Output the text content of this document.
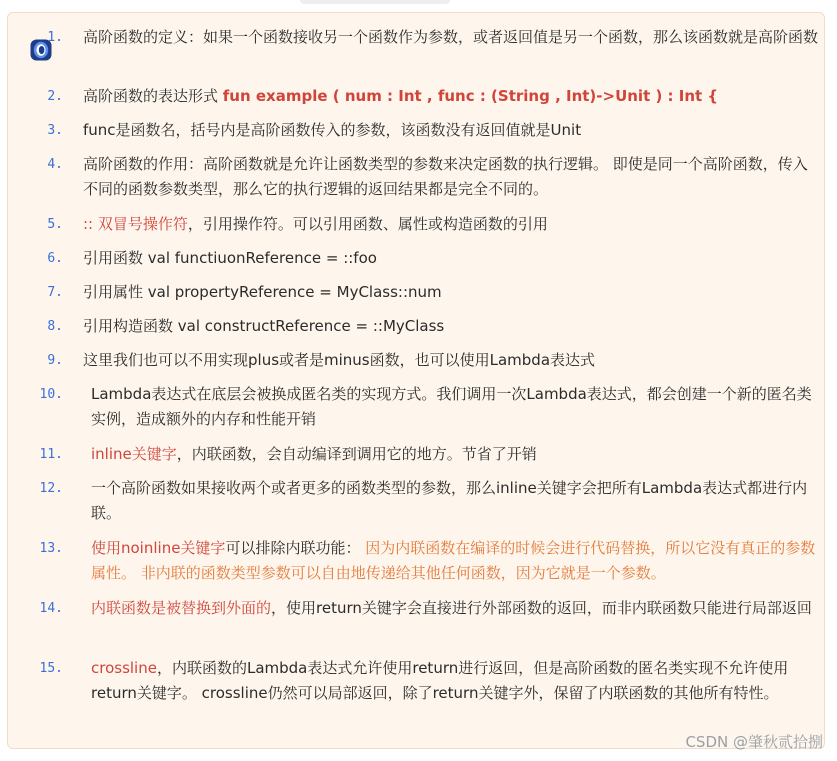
1. 高阶函数的定义：如果一个函数接收另一个函数作为参数，或者返回值是另一个函数，那么该函数就是高阶函数
2. 高阶函数的表达形式 fun example ( num : Int , func : (String , Int)->Unit ) : Int {
3. func是函数名，括号内是高阶函数传入的参数，该函数没有返回值就是Unit
4. 高阶函数的作用：高阶函数就是允许让函数类型的参数来决定函数的执行逻辑。 即使是同一个高阶函数，传入不同的函数参数类型，那么它的执行逻辑的返回结果都是完全不同的。
5. :: 双冒号操作符，引用操作符。可以引用函数、属性或构造函数的引用
6. 引用函数 val functiuonReference = ::foo
7. 引用属性 val propertyReference = MyClass::num
8. 引用构造函数 val constructReference = ::MyClass
9. 这里我们也可以不用实现plus或者是minus函数，也可以使用Lambda表达式
10. Lambda表达式在底层会被换成匿名类的实现方式。我们调用一次Lambda表达式，都会创建一个新的匿名类实例，造成额外的内存和性能开销
11. inline关键字，内联函数，会自动编译到调用它的地方。节省了开销
12. 一个高阶函数如果接收两个或者更多的函数类型的参数，那么inline关键字会把所有Lambda表达式都进行内联。
13. 使用noinline关键字可以排除内联功能： 因为内联函数在编译的时候会进行代码替换，所以它没有真正的参数属性。 非内联的函数类型参数可以自由地传递给其他任何函数，因为它就是一个参数。
14. 内联函数是被替换到外面的，使用return关键字会直接进行外部函数的返回，而非内联函数只能进行局部返回
15. crossline，内联函数的Lambda表达式允许使用return进行返回，但是高阶函数的匿名类实现不允许使用return关键字。 crossline仍然可以局部返回，除了return关键字外，保留了内联函数的其他所有特性。
CSDN @肇秋贰拾捌
